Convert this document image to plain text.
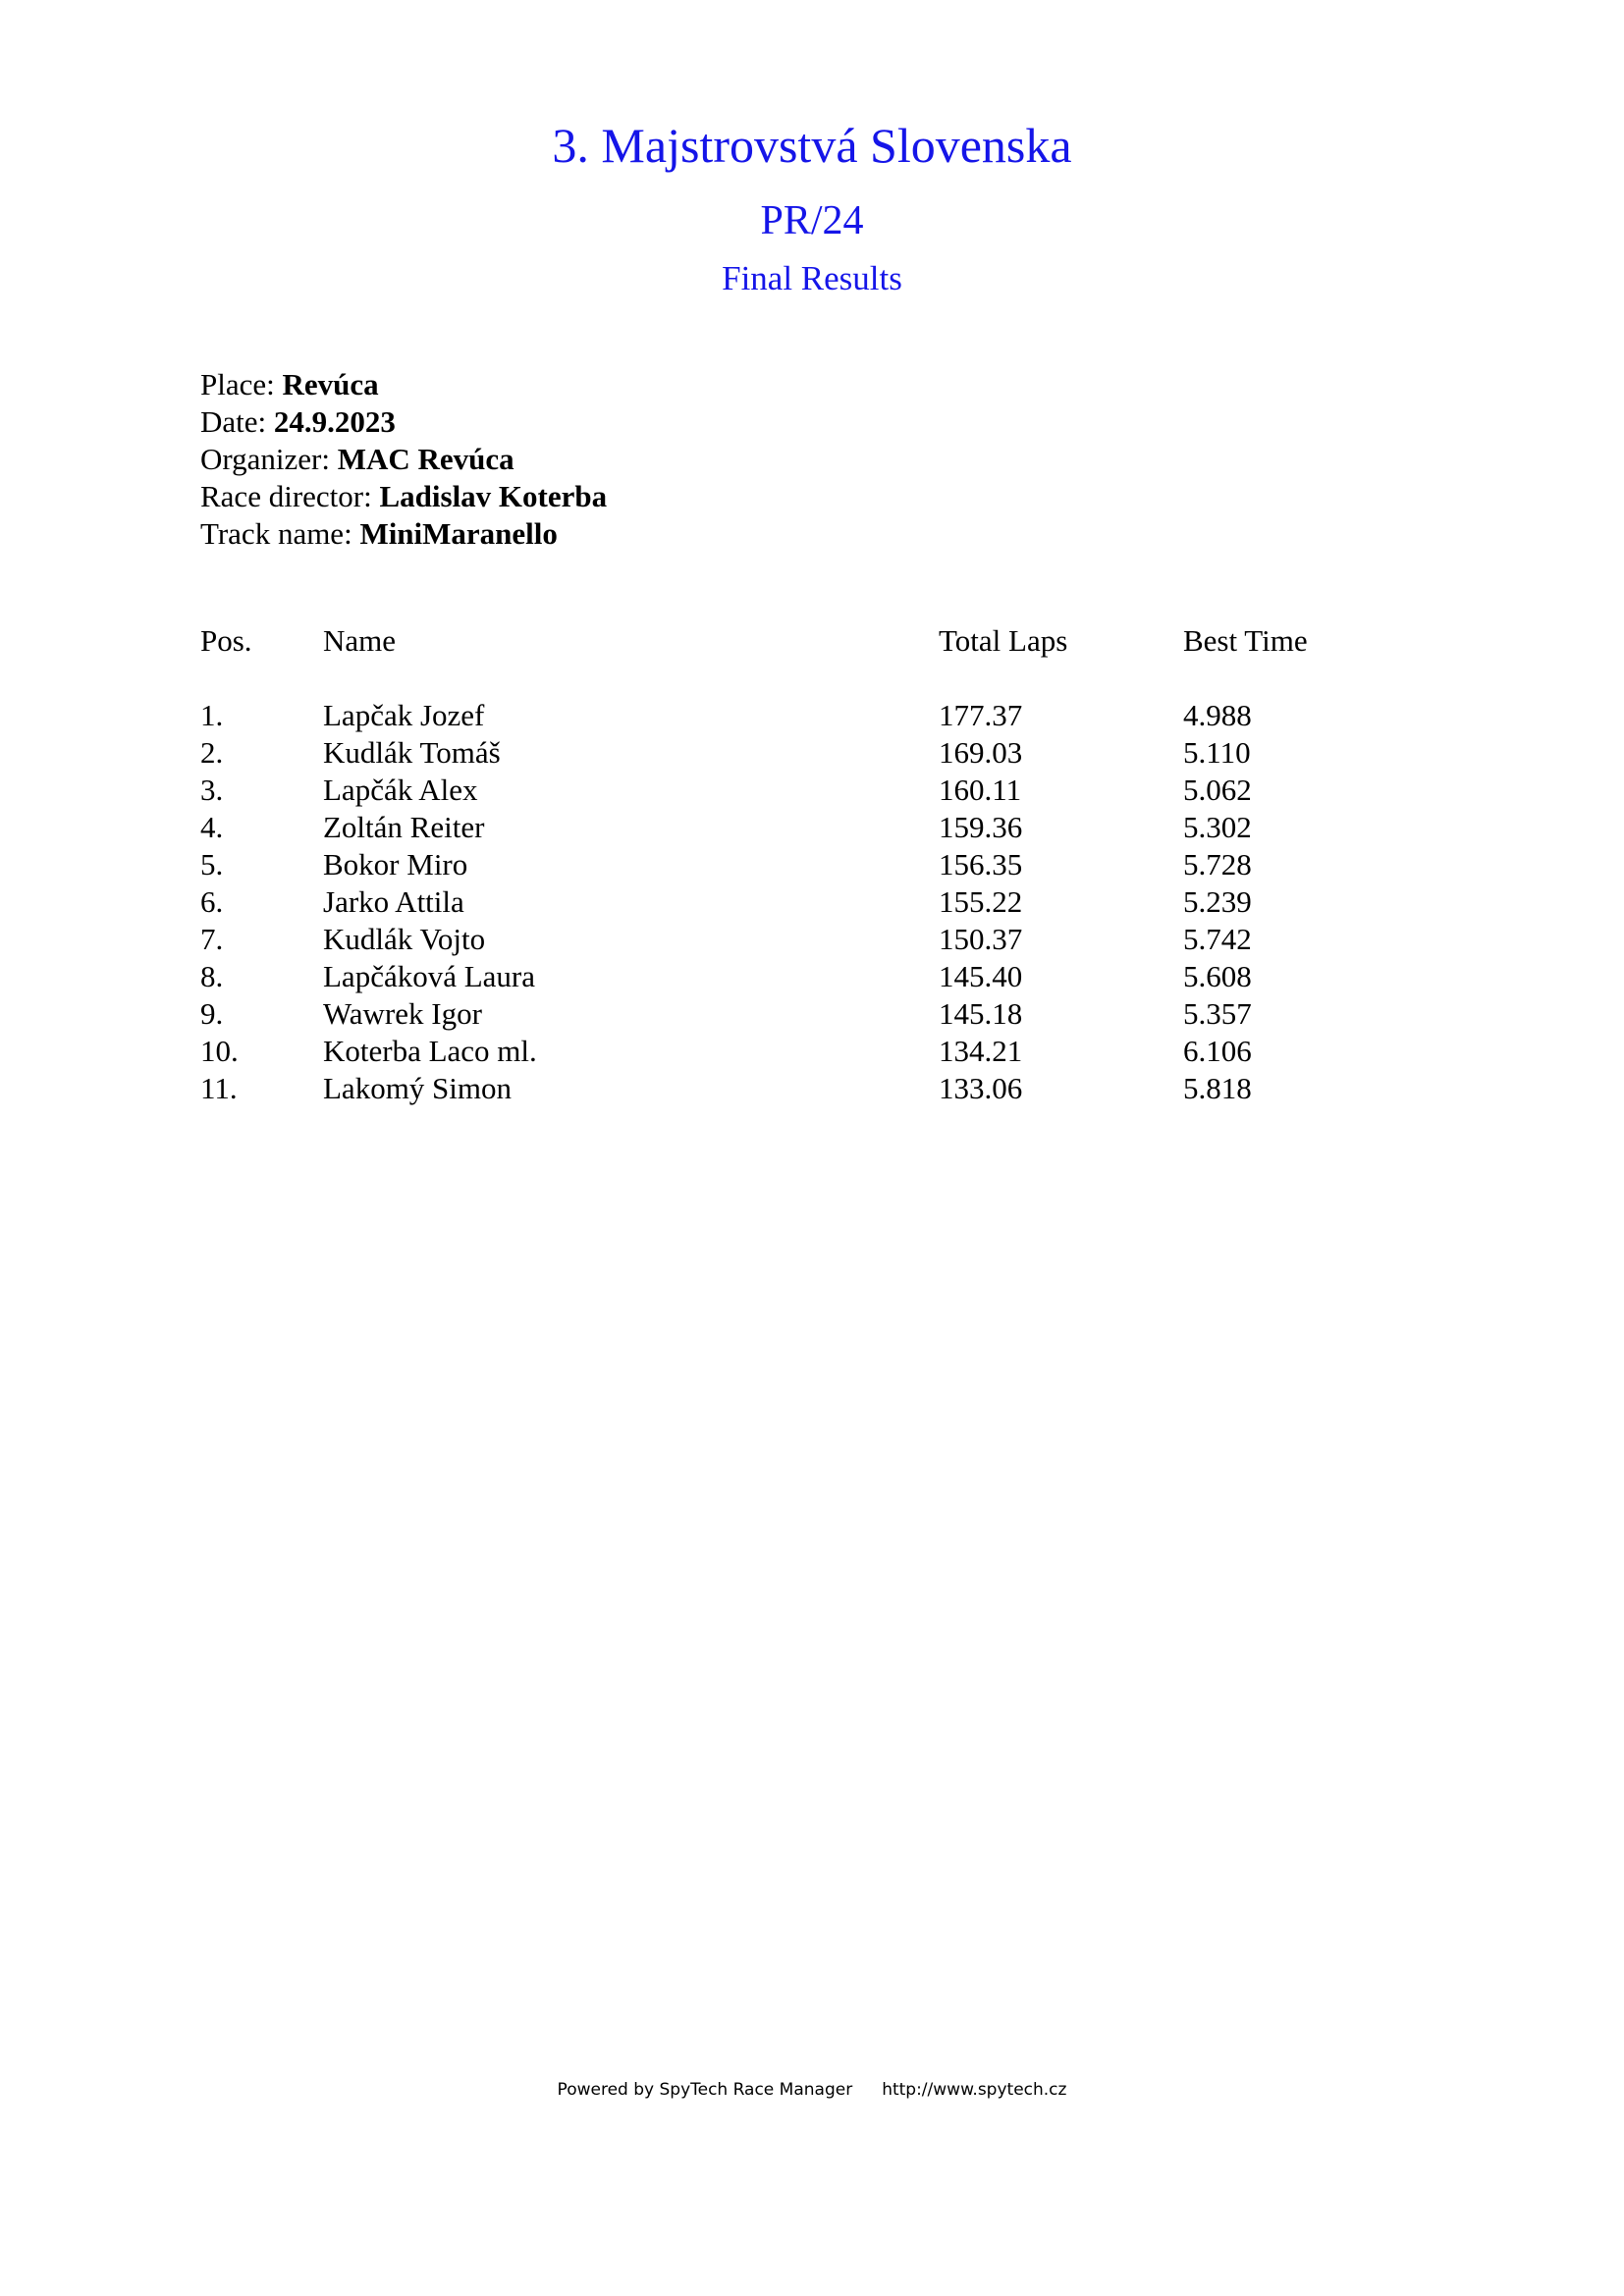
3. Majstrovstvá Slovenska
PR/24
Final Results
Place: Revúca
Date: 24.9.2023
Organizer: MAC Revúca
Race director: Ladislav Koterba
Track name: MiniMaranello
Pos. Name	Total Laps	Best Time
1.	Lapčak Jozef	177.37	4.988
2.	Kudlák Tomáš	169.03	5.110
3.	Lapčák Alex	160.11	5.062
4.	Zoltán Reiter	159.36	5.302
5.	Bokor Miro	156.35	5.728
6.	Jarko Attila	155.22	5.239
7.	Kudlák Vojto	150.37	5.742
8.	Lapčáková Laura	145.40	5.608
9.	Wawrek Igor	145.18	5.357
10.	Koterba Laco ml.	134.21	6.106
11.	Lakomý Simon	133.06	5.818
Powered by SpyTech Race Manager http://www.spytech.cz
